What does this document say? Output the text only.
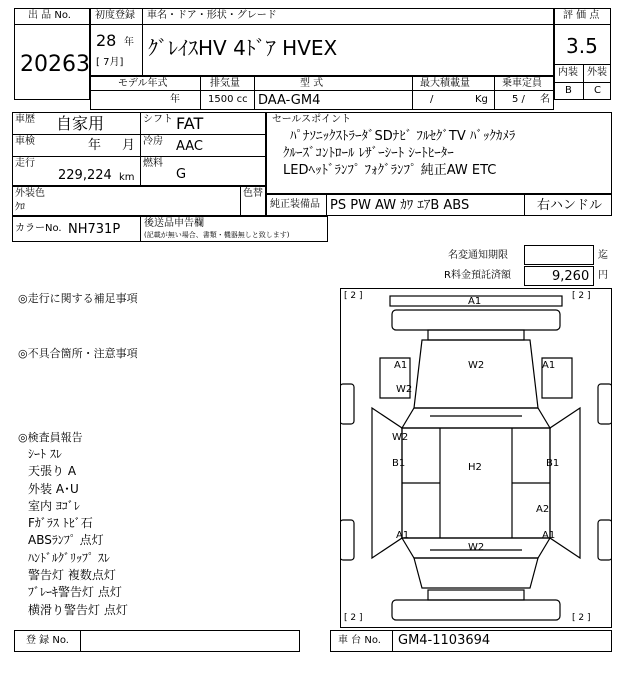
出 品 No.
20263
初度登録 車名・ドア・形状・グレード
28 年
[ 7月]
ｸﾞﾚｲｽHV 4ﾄﾞｱ HVEX
評 価 点
3.5
内装 外装
B C
モデル年式	排気量	型 式	最大積載量	乗車定員
年	1500 cc DAA-GM4	/	Kg 5 / 名
車歴 自家用
車検	年 月
走行
229,224 km
シフト FAT
冷房 AAC
燃料
G
外装色
ｸﾛ
色替
カラーNo. NH731P 後送品申告欄
(記載が無い場合、書類・機器無しと致します)
セールスポイント
ﾊﾟﾅｿﾆｯｸｽﾄﾗｰﾀﾞSDﾅﾋﾞ ﾌﾙｾｸﾞTV ﾊﾞｯｸｶﾒﾗ
ｸﾙｰｽﾞｺﾝﾄﾛｰﾙ ﾚｻﾞｰｼｰﾄ ｼｰﾄﾋｰﾀｰ
LEDﾍｯﾄﾞﾗﾝﾌﾟ ﾌｫｸﾞﾗﾝﾌﾟ 純正AW ETC
純正装備品 PS PW AW ｶﾜ ｴｱB ABS	右ハンドル
名変通知期限	迄
R料金預託済額	9,260 円
◎走行に関する補足事項
◎不具合箇所・注意事項
◎検査員報告
ｼｰﾄ ｽﾚ
天張り A
外装 A･U
室内 ﾖｺﾞﾚ
Fｶﾞﾗｽ ﾄﾋﾞ石
ABSﾗﾝﾌﾟ 点灯
ﾊﾝﾄﾞﾙｸﾞﾘｯﾌﾟ ｽﾚ
警告灯 複数点灯
ﾌﾞﾚｰｷ警告灯 点灯
横滑り警告灯 点灯
[ 2 ]	[ 2 ]
[ 2 ]	[ 2 ]
A1
W2
A1
W2
A1
W2
B1	H2	B1
A2
A1	A1
W2
登 録 No.	車 台 No. GM4-1103694
